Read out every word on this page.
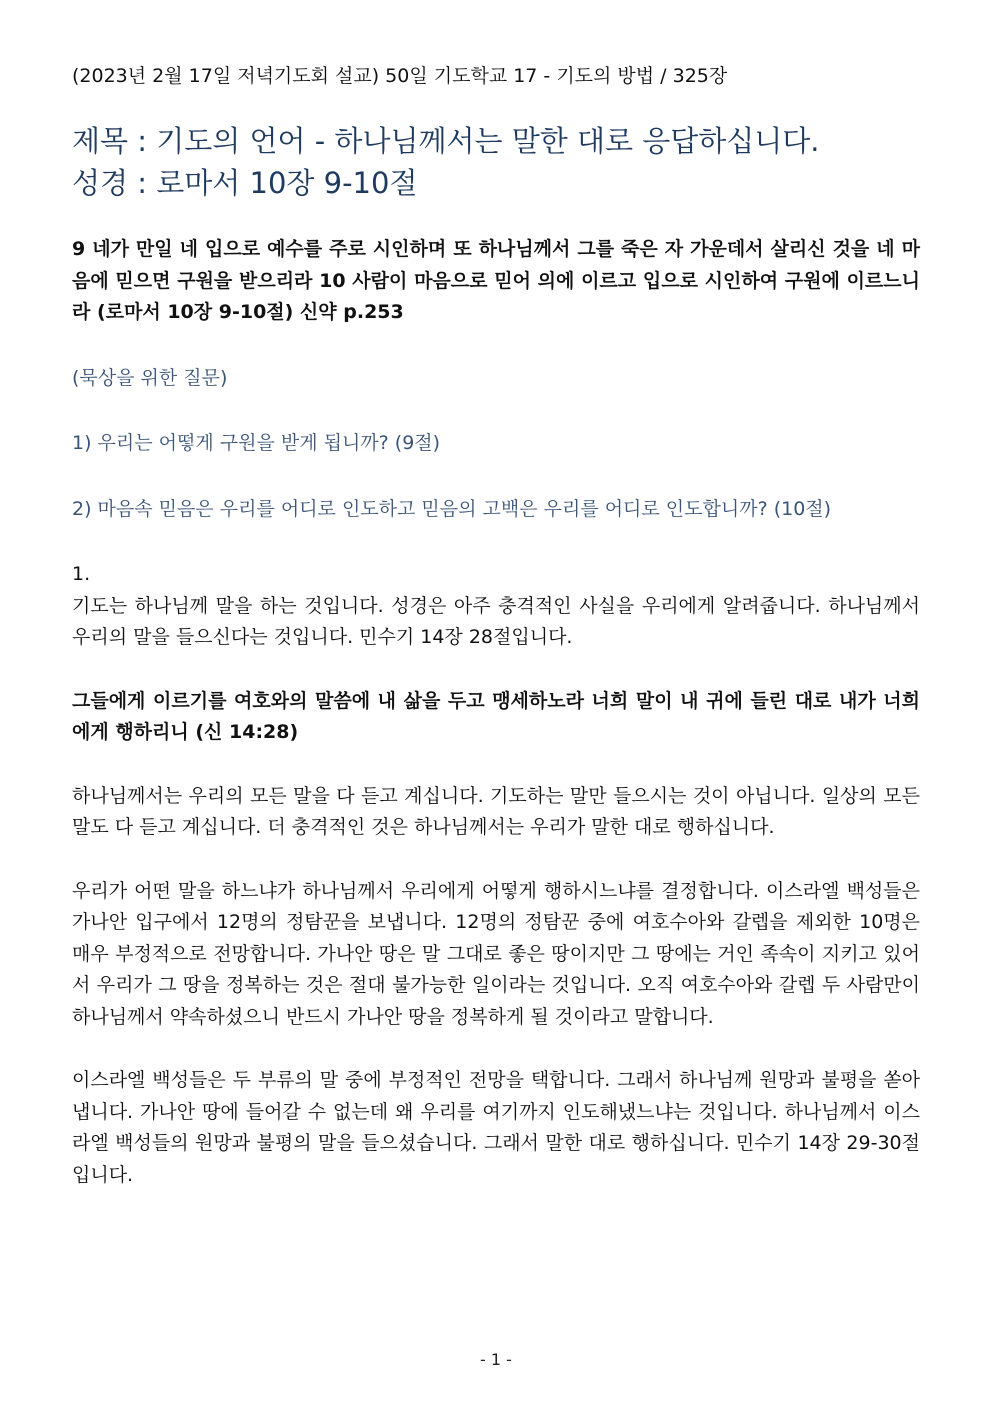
(2023년 2월 17일 저녁기도회 설교) 50일 기도학교 17 - 기도의 방법 / 325장

제목 : 기도의 언어 - 하나님께서는 말한 대로 응답하십니다.
성경 : 로마서 10장 9-10절
9 네가 만일 네 입으로 예수를 주로 시인하며 또 하나님께서 그를 죽은 자 가운데서 살리신 것을 네 마음에 믿으면 구원을 받으리라 10 사람이 마음으로 믿어 의에 이르고 입으로 시인하여 구원에 이르느니라 (로마서 10장 9-10절) 신약 p.253
(묵상을 위한 질문)
1) 우리는 어떻게 구원을 받게 됩니까? (9절)
2) 마음속 믿음은 우리를 어디로 인도하고 믿음의 고백은 우리를 어디로 인도합니까? (10절)
1.
기도는 하나님께 말을 하는 것입니다. 성경은 아주 충격적인 사실을 우리에게 알려줍니다. 하나님께서 우리의 말을 들으신다는 것입니다. 민수기 14장 28절입니다.
그들에게 이르기를 여호와의 말씀에 내 삶을 두고 맹세하노라 너희 말이 내 귀에 들린 대로 내가 너희에게 행하리니 (신 14:28)
하나님께서는 우리의 모든 말을 다 듣고 계십니다. 기도하는 말만 들으시는 것이 아닙니다. 일상의 모든 말도 다 듣고 계십니다. 더 충격적인 것은 하나님께서는 우리가 말한 대로 행하십니다.
우리가 어떤 말을 하느냐가 하나님께서 우리에게 어떻게 행하시느냐를 결정합니다. 이스라엘 백성들은 가나안 입구에서 12명의 정탐꾼을 보냅니다. 12명의 정탐꾼 중에 여호수아와 갈렙을 제외한 10명은 매우 부정적으로 전망합니다. 가나안 땅은 말 그대로 좋은 땅이지만 그 땅에는 거인 족속이 지키고 있어서 우리가 그 땅을 정복하는 것은 절대 불가능한 일이라는 것입니다. 오직 여호수아와 갈렙 두 사람만이 하나님께서 약속하셨으니 반드시 가나안 땅을 정복하게 될 것이라고 말합니다.
이스라엘 백성들은 두 부류의 말 중에 부정적인 전망을 택합니다. 그래서 하나님께 원망과 불평을 쏟아냅니다. 가나안 땅에 들어갈 수 없는데 왜 우리를 여기까지 인도해냈느냐는 것입니다. 하나님께서 이스라엘 백성들의 원망과 불평의 말을 들으셨습니다. 그래서 말한 대로 행하십니다. 민수기 14장 29-30절입니다.
- 1 -
